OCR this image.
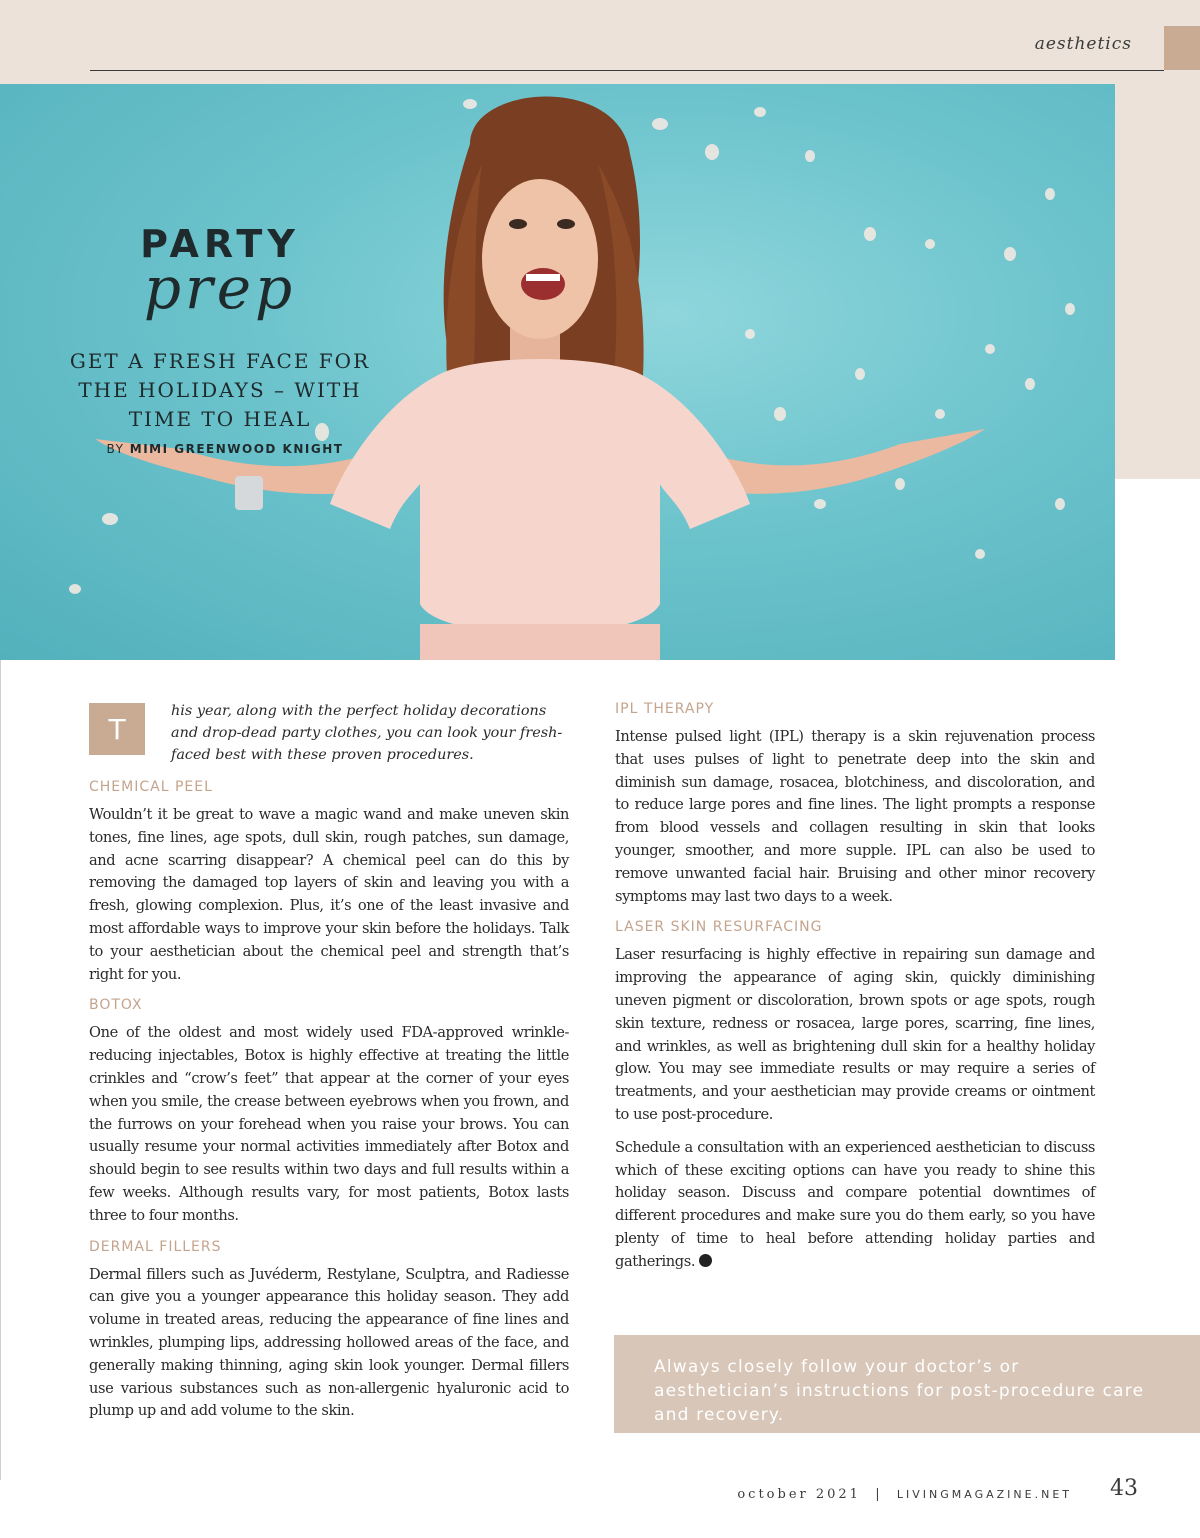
aesthetics
PARTY
prep
GET A FRESH FACE FOR THE HOLIDAYS – WITH TIME TO HEAL
BY MIMI GREENWOOD KNIGHT
T

his year, along with the perfect holiday decorations and drop-dead party clothes, you can look your fresh-faced best with these proven procedures.

CHEMICAL PEEL

Wouldn’t it be great to wave a magic wand and make uneven skin tones, fine lines, age spots, dull skin, rough patches, sun damage, and acne scarring disappear? A chemical peel can do this by removing the damaged top layers of skin and leaving you with a fresh, glowing complexion. Plus, it’s one of the least invasive and most affordable ways to improve your skin before the holidays. Talk to your aesthetician about the chemical peel and strength that’s right for you.

BOTOX

One of the oldest and most widely used FDA-approved wrinkle-reducing injectables, Botox is highly effective at treating the little crinkles and “crow’s feet” that appear at the corner of your eyes when you smile, the crease between eyebrows when you frown, and the furrows on your forehead when you raise your brows. You can usually resume your normal activities immediately after Botox and should begin to see results within two days and full results within a few weeks. Although results vary, for most patients, Botox lasts three to four months.

DERMAL FILLERS

Dermal fillers such as Juvéderm, Restylane, Sculptra, and Radiesse can give you a younger appearance this holiday season. They add volume in treated areas, reducing the appearance of fine lines and wrinkles, plumping lips, addressing hollowed areas of the face, and generally making thinning, aging skin look younger. Dermal fillers use various substances such as non-allergenic hyaluronic acid to plump up and add volume to the skin.

IPL THERAPY

Intense pulsed light (IPL) therapy is a skin rejuvenation process that uses pulses of light to penetrate deep into the skin and diminish sun damage, rosacea, blotchiness, and discoloration, and to reduce large pores and fine lines. The light prompts a response from blood vessels and collagen resulting in skin that looks younger, smoother, and more supple. IPL can also be used to remove unwanted facial hair. Bruising and other minor recovery symptoms may last two days to a week.

LASER SKIN RESURFACING

Laser resurfacing is highly effective in repairing sun damage and improving the appearance of aging skin, quickly diminishing uneven pigment or discoloration, brown spots or age spots, rough skin texture, redness or rosacea, large pores, scarring, fine lines, and wrinkles, as well as brightening dull skin for a healthy holiday glow. You may see immediate results or may require a series of treatments, and your aesthetician may provide creams or ointment to use post-procedure.

Schedule a consultation with an experienced aesthetician to discuss which of these exciting options can have you ready to shine this holiday season. Discuss and compare potential downtimes of different procedures and make sure you do them early, so you have plenty of time to heal before attending holiday parties and gatherings.

Always closely follow your doctor’s or aesthetician’s instructions for post-procedure care and recovery.
october 2021 | LIVINGMAGAZINE.NET 43
